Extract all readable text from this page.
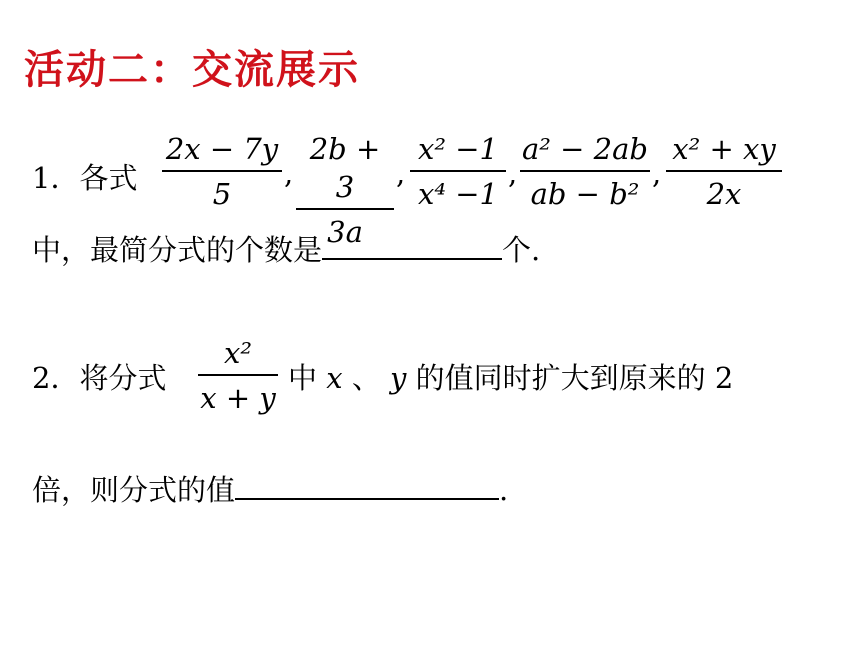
活动二：交流展示
1．各式
2x − 7y
5
,
2b + 3
3a
,
x² −1
x⁴ −1
,
a² − 2ab
ab − b²
,
x² + xy
2x
中，最简分式的个数是	个.
2．将分式
x²
x + y
中 x 、 y 的值同时扩大到原来的 2
倍，则分式的值	.
